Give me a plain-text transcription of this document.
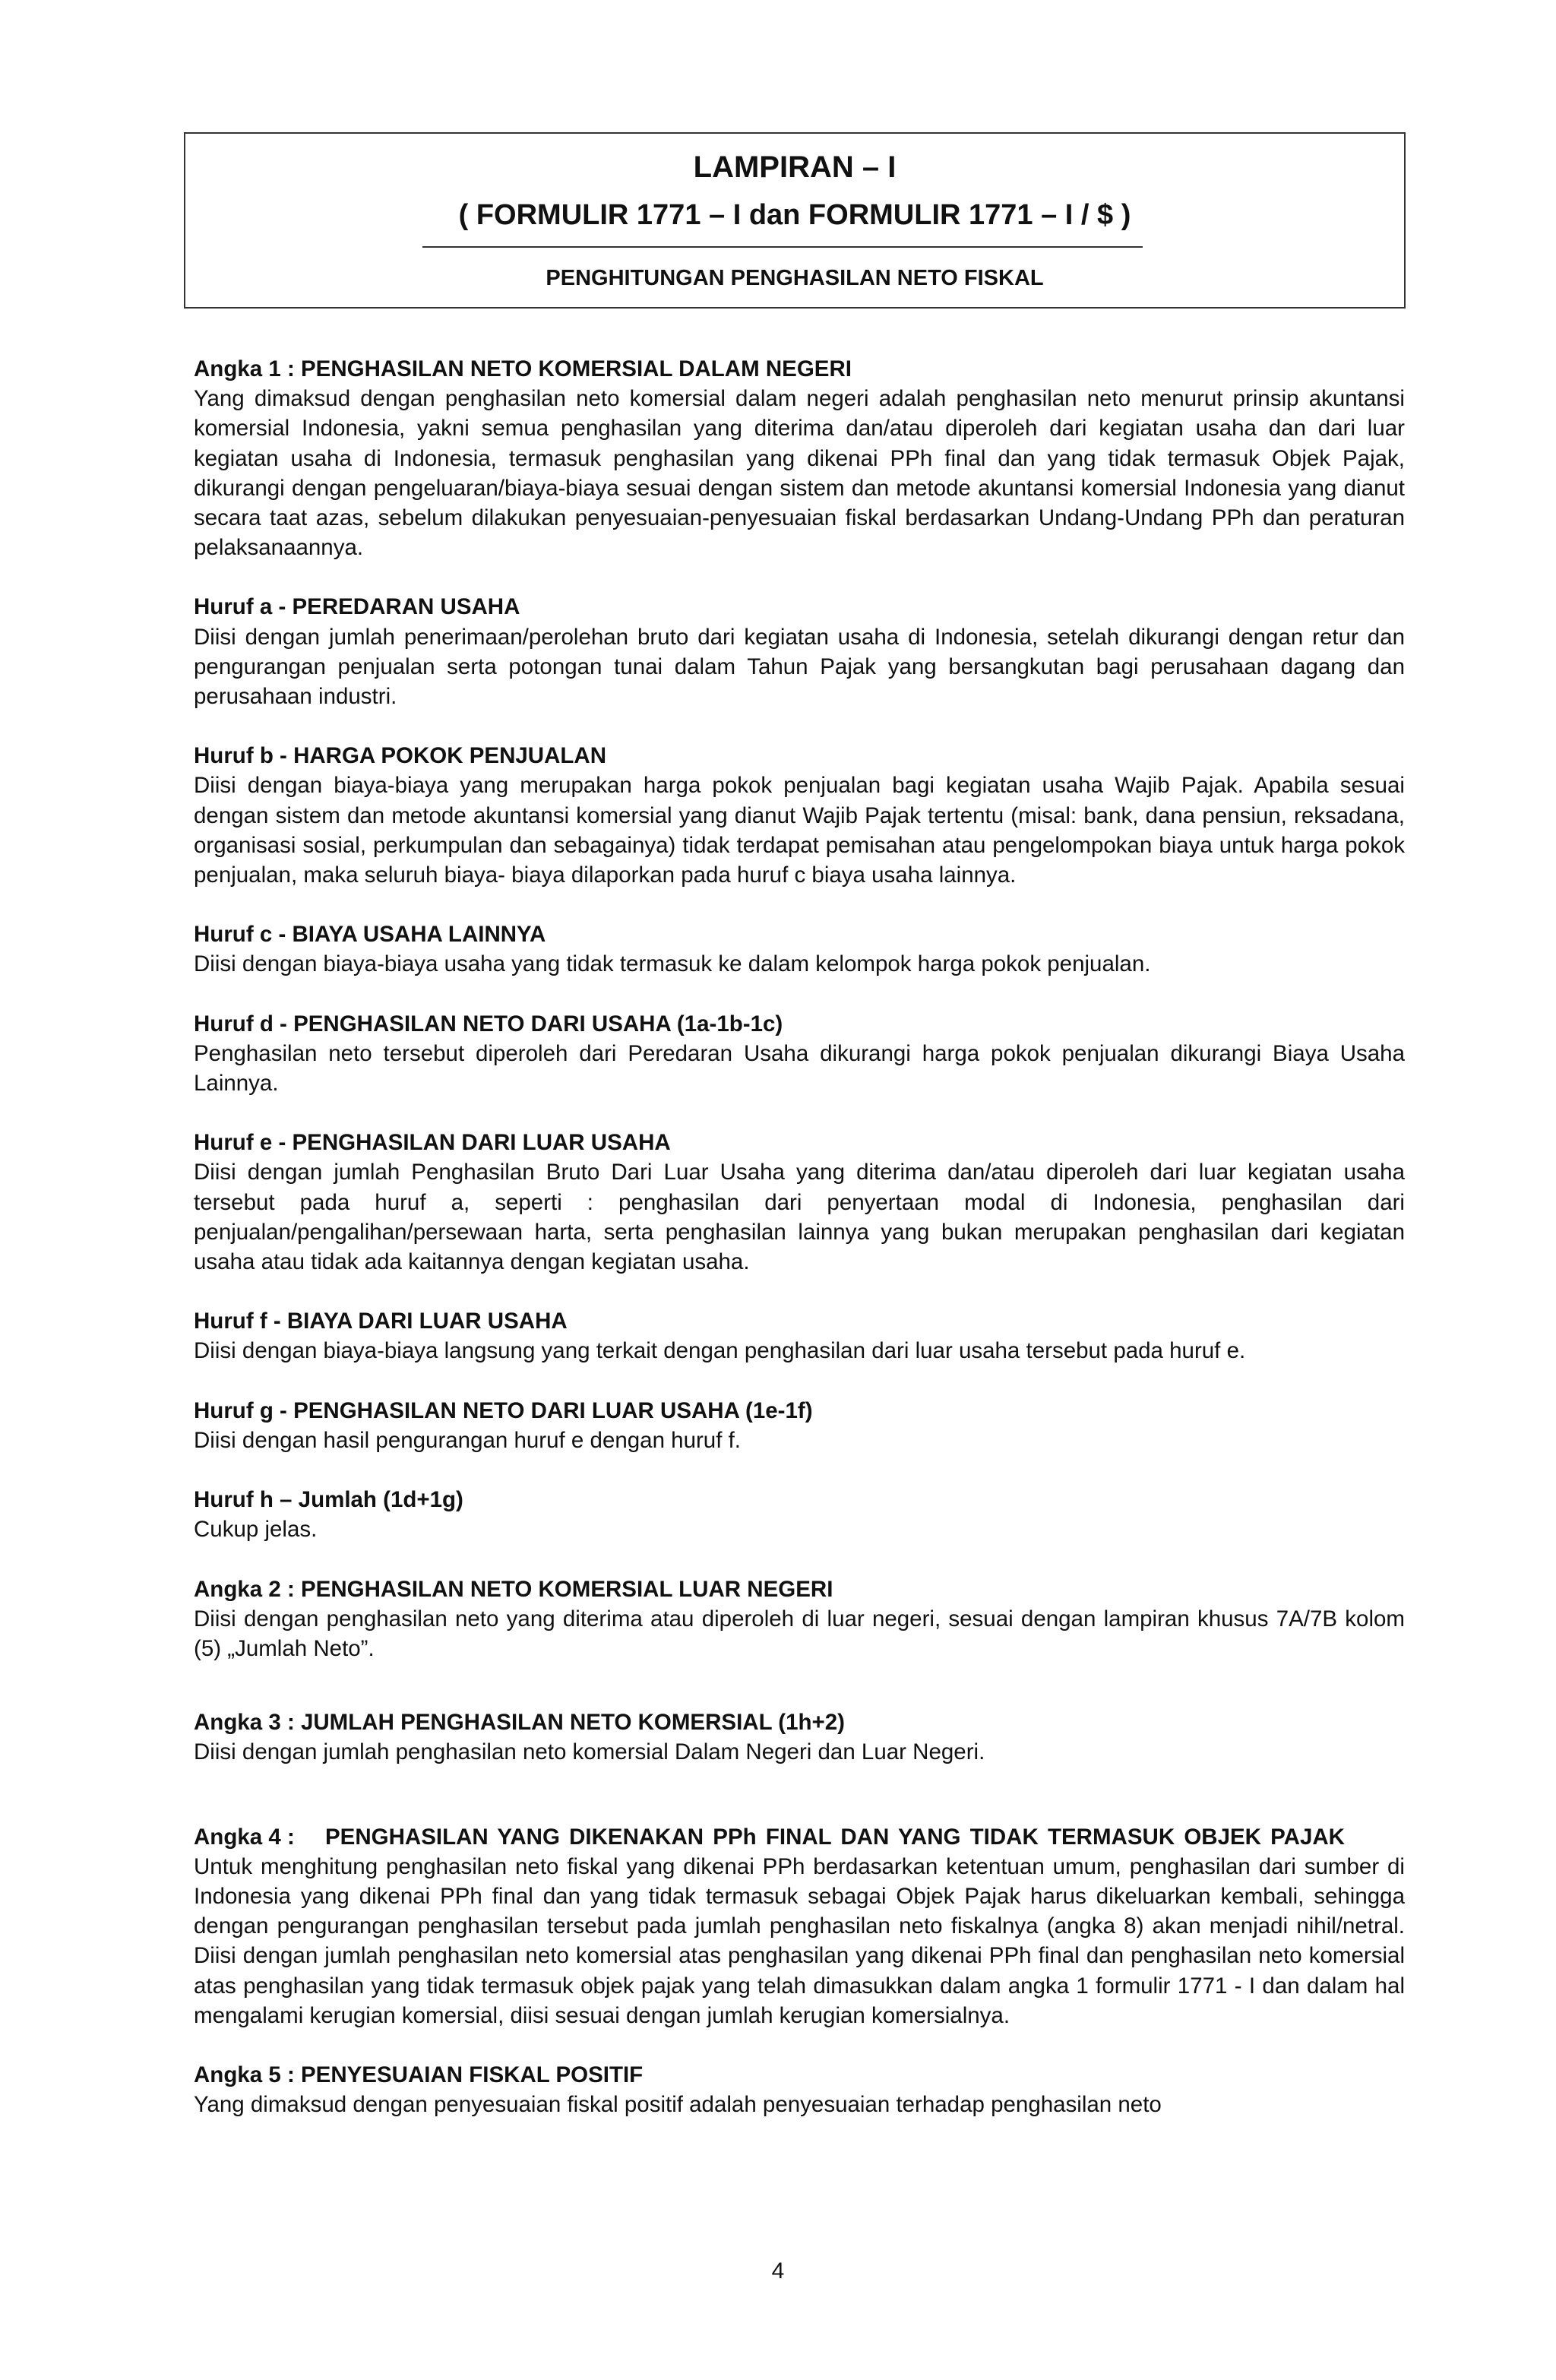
LAMPIRAN – I
( FORMULIR 1771 – I dan FORMULIR 1771 – I / $ )
PENGHITUNGAN PENGHASILAN NETO FISKAL
Angka 1 : PENGHASILAN NETO KOMERSIAL DALAM NEGERI

Yang dimaksud dengan penghasilan neto komersial dalam negeri adalah penghasilan neto menurut prinsip akuntansi komersial Indonesia, yakni semua penghasilan yang diterima dan/atau diperoleh dari kegiatan usaha dan dari luar kegiatan usaha di Indonesia, termasuk penghasilan yang dikenai PPh final dan yang tidak termasuk Objek Pajak, dikurangi dengan pengeluaran/biaya-biaya sesuai dengan sistem dan metode akuntansi komersial Indonesia yang dianut secara taat azas, sebelum dilakukan penyesuaian-penyesuaian fiskal berdasarkan Undang-Undang PPh dan peraturan pelaksanaannya.

Huruf a - PEREDARAN USAHA

Diisi dengan jumlah penerimaan/perolehan bruto dari kegiatan usaha di Indonesia, setelah dikurangi dengan retur dan pengurangan penjualan serta potongan tunai dalam Tahun Pajak yang bersangkutan bagi perusahaan dagang dan perusahaan industri.

Huruf b - HARGA POKOK PENJUALAN

Diisi dengan biaya-biaya yang merupakan harga pokok penjualan bagi kegiatan usaha Wajib Pajak. Apabila sesuai dengan sistem dan metode akuntansi komersial yang dianut Wajib Pajak tertentu (misal: bank, dana pensiun, reksadana, organisasi sosial, perkumpulan dan sebagainya) tidak terdapat pemisahan atau pengelompokan biaya untuk harga pokok penjualan, maka seluruh biaya- biaya dilaporkan pada huruf c biaya usaha lainnya.

Huruf c - BIAYA USAHA LAINNYA

Diisi dengan biaya-biaya usaha yang tidak termasuk ke dalam kelompok harga pokok penjualan.

Huruf d - PENGHASILAN NETO DARI USAHA (1a-1b-1c)

Penghasilan neto tersebut diperoleh dari Peredaran Usaha dikurangi harga pokok penjualan dikurangi Biaya Usaha Lainnya.

Huruf e - PENGHASILAN DARI LUAR USAHA

Diisi dengan jumlah Penghasilan Bruto Dari Luar Usaha yang diterima dan/atau diperoleh dari luar kegiatan usaha tersebut pada huruf a, seperti : penghasilan dari penyertaan modal di Indonesia, penghasilan dari penjualan/pengalihan/persewaan harta, serta penghasilan lainnya yang bukan merupakan penghasilan dari kegiatan usaha atau tidak ada kaitannya dengan kegiatan usaha.

Huruf f - BIAYA DARI LUAR USAHA

Diisi dengan biaya-biaya langsung yang terkait dengan penghasilan dari luar usaha tersebut pada huruf e.

Huruf g - PENGHASILAN NETO DARI LUAR USAHA (1e-1f)

Diisi dengan hasil pengurangan huruf e dengan huruf f.

Huruf h – Jumlah (1d+1g)

Cukup jelas.

Angka 2 : PENGHASILAN NETO KOMERSIAL LUAR NEGERI

Diisi dengan penghasilan neto yang diterima atau diperoleh di luar negeri, sesuai dengan lampiran khusus 7A/7B kolom (5) „Jumlah Neto”.

Angka 3 : JUMLAH PENGHASILAN NETO KOMERSIAL (1h+2)

Diisi dengan jumlah penghasilan neto komersial Dalam Negeri dan Luar Negeri.

Angka 4 :	PENGHASILAN YANG DIKENAKAN PPh FINAL DAN YANG TIDAK TERMASUK OBJEK PAJAK

Untuk menghitung penghasilan neto fiskal yang dikenai PPh berdasarkan ketentuan umum, penghasilan dari sumber di Indonesia yang dikenai PPh final dan yang tidak termasuk sebagai Objek Pajak harus dikeluarkan kembali, sehingga dengan pengurangan penghasilan tersebut pada jumlah penghasilan neto fiskalnya (angka 8) akan menjadi nihil/netral. Diisi dengan jumlah penghasilan neto komersial atas penghasilan yang dikenai PPh final dan penghasilan neto komersial atas penghasilan yang tidak termasuk objek pajak yang telah dimasukkan dalam angka 1 formulir 1771 - I dan dalam hal mengalami kerugian komersial, diisi sesuai dengan jumlah kerugian komersialnya.

Angka 5 : PENYESUAIAN FISKAL POSITIF

Yang dimaksud dengan penyesuaian fiskal positif adalah penyesuaian terhadap penghasilan neto

4
